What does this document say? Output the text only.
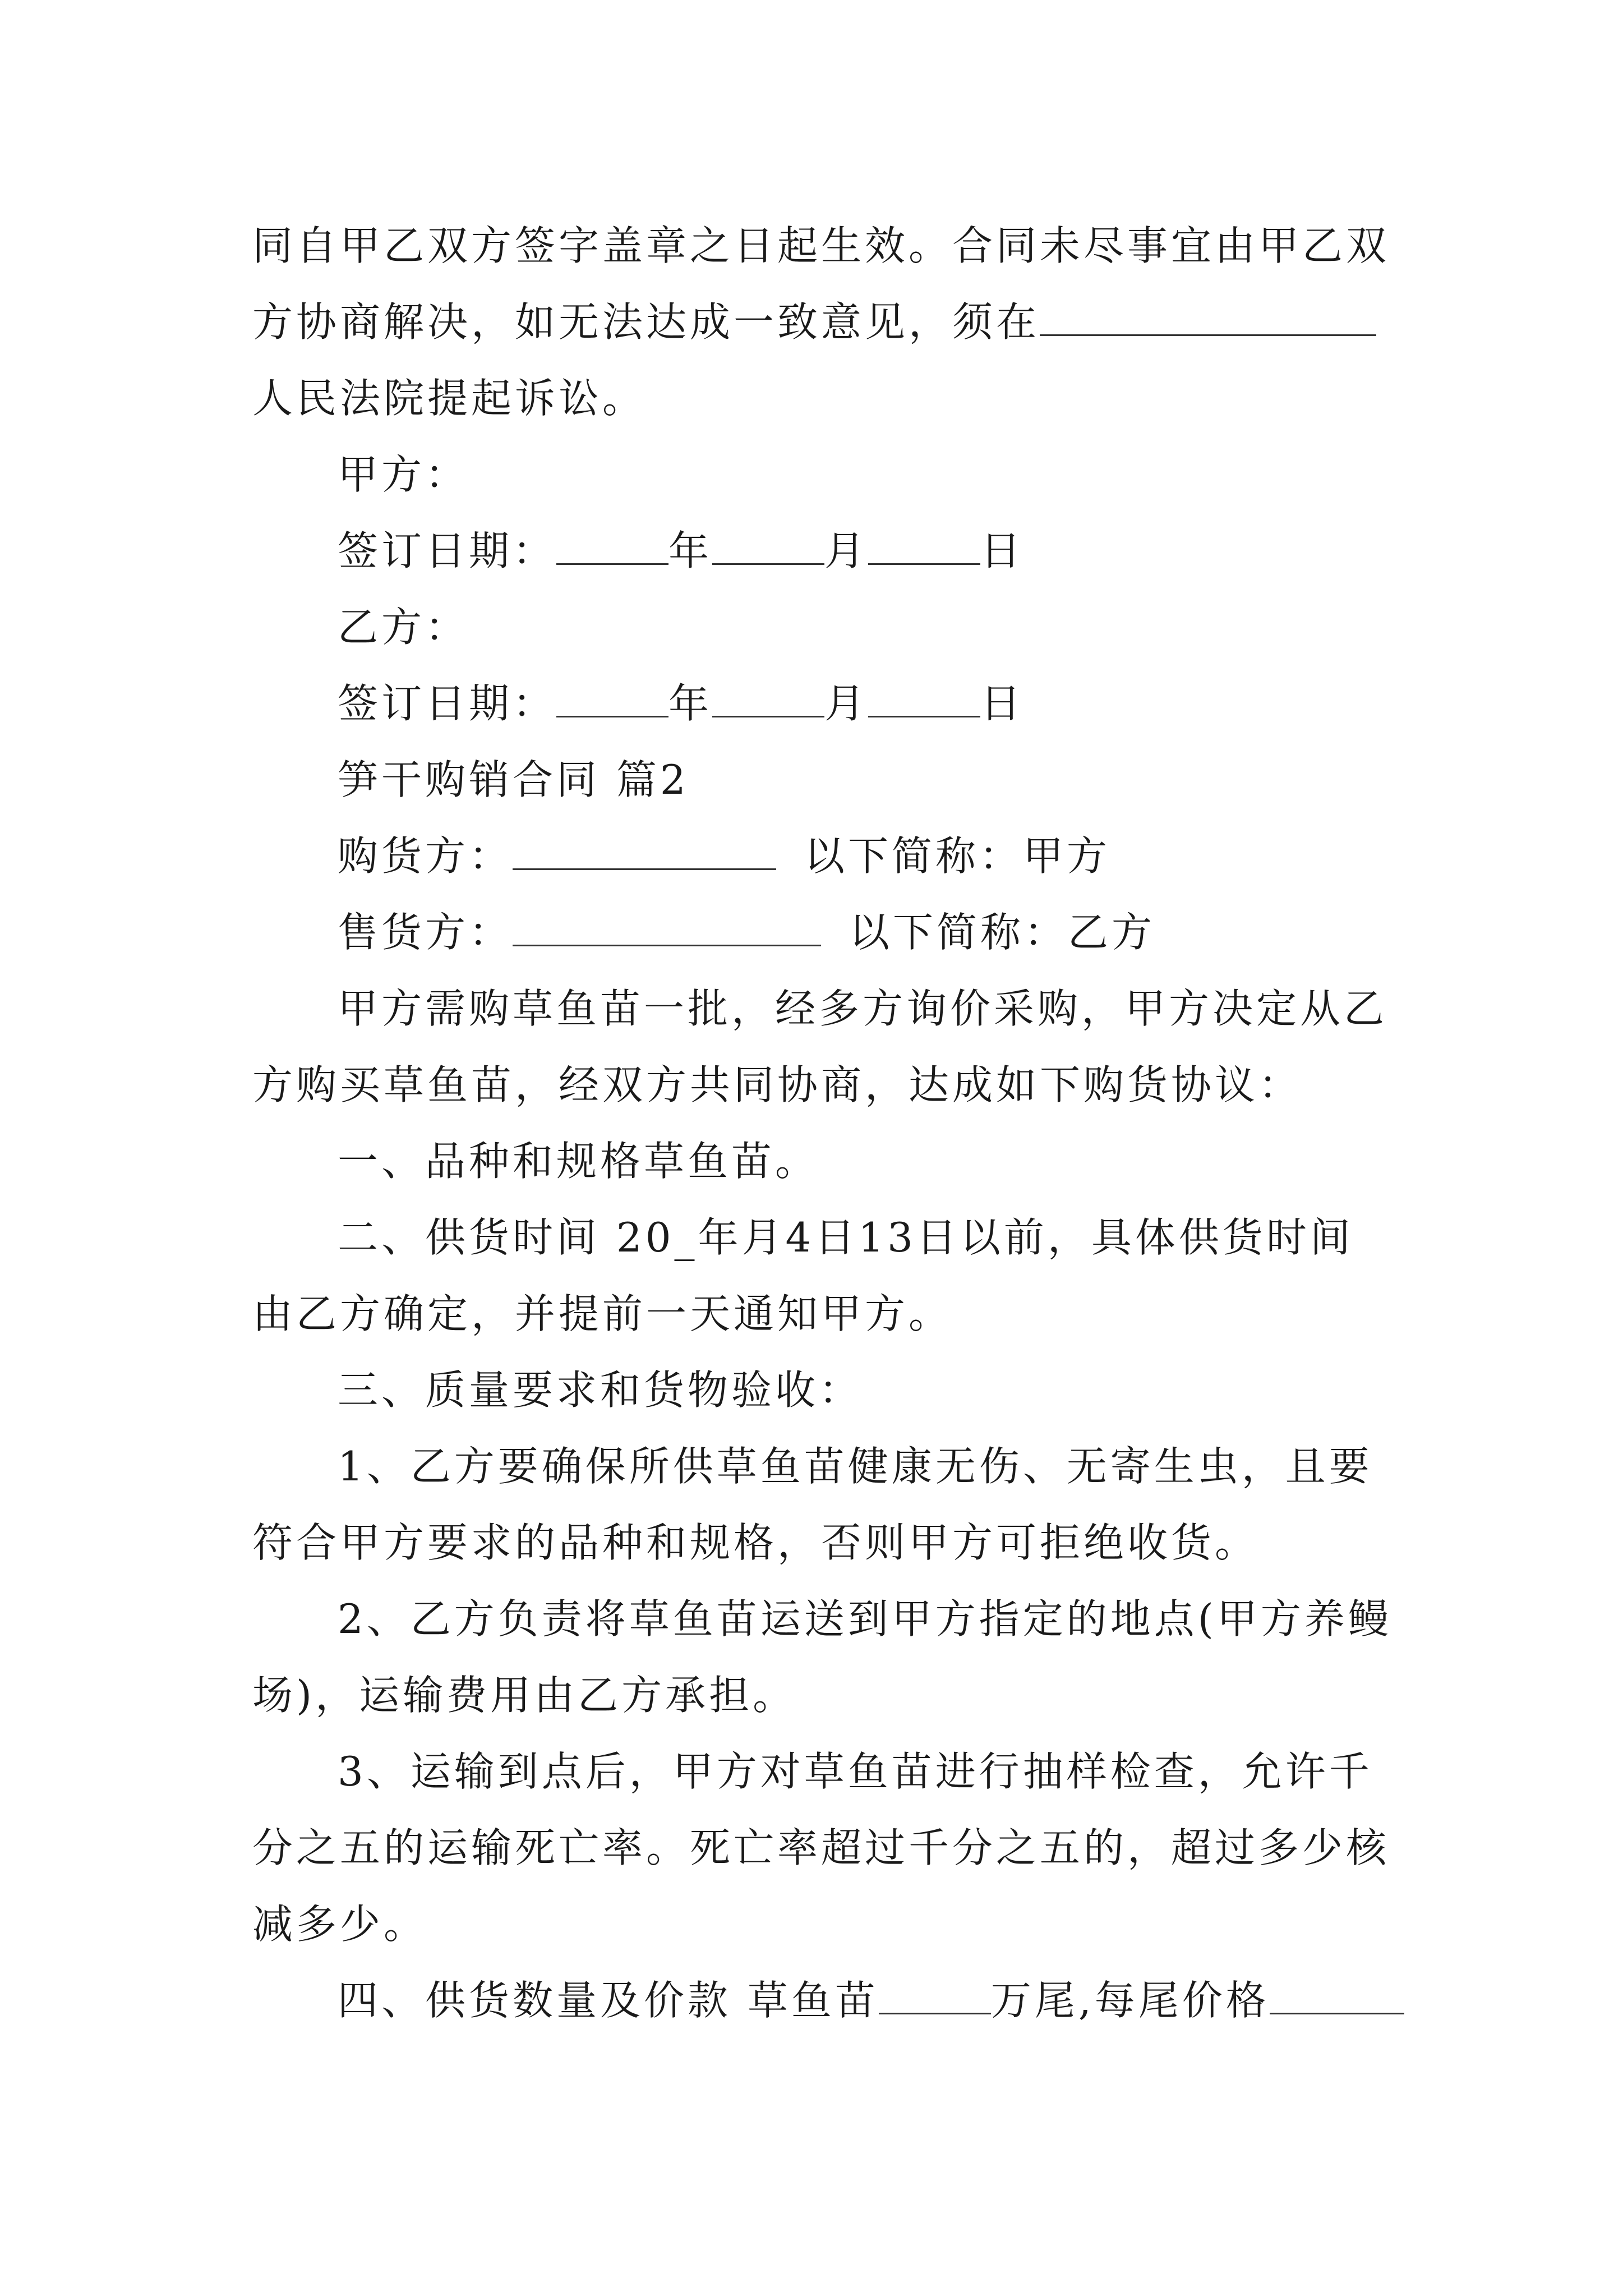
同自甲乙双方签字盖章之日起生效。合同未尽事宜由甲乙双
方协商解决，如无法达成一致意见，须在
人民法院提起诉讼。
甲方：
签订日期：	年	月	日
乙方：
签订日期：	年	月	日
笋干购销合同 篇2
购货方：	以下简称：甲方
售货方：	以下简称：乙方
甲方需购草鱼苗一批，经多方询价采购，甲方决定从乙
方购买草鱼苗，经双方共同协商，达成如下购货协议：
一、品种和规格草鱼苗。
二、供货时间 20_年月4日13日以前，具体供货时间
由乙方确定，并提前一天通知甲方。
三、质量要求和货物验收：
1、乙方要确保所供草鱼苗健康无伤、无寄生虫，且要
符合甲方要求的品种和规格，否则甲方可拒绝收货。
2、乙方负责将草鱼苗运送到甲方指定的地点(甲方养鳗
场)，运输费用由乙方承担。
3、运输到点后，甲方对草鱼苗进行抽样检查，允许千
分之五的运输死亡率。死亡率超过千分之五的，超过多少核
减多少。
四、供货数量及价款 草鱼苗	万尾,每尾价格
